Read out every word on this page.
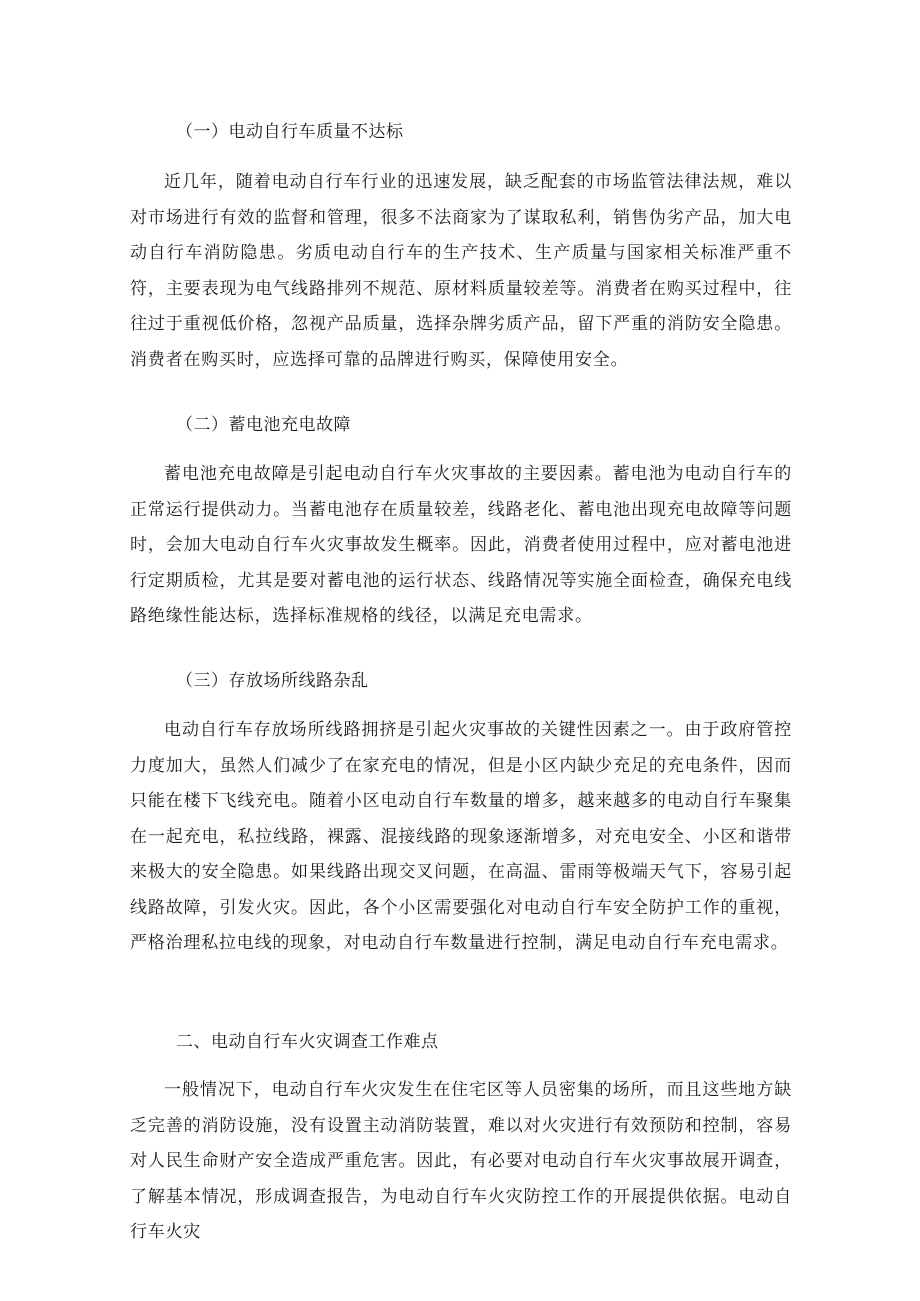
（一）电动自行车质量不达标

近几年，随着电动自行车行业的迅速发展，缺乏配套的市场监管法律法规，难以对市场进行有效的监督和管理，很多不法商家为了谋取私利，销售伪劣产品，加大电动自行车消防隐患。劣质电动自行车的生产技术、生产质量与国家相关标准严重不符，主要表现为电气线路排列不规范、原材料质量较差等。消费者在购买过程中，往往过于重视低价格，忽视产品质量，选择杂牌劣质产品，留下严重的消防安全隐患。消费者在购买时，应选择可靠的品牌进行购买，保障使用安全。

（二）蓄电池充电故障

蓄电池充电故障是引起电动自行车火灾事故的主要因素。蓄电池为电动自行车的正常运行提供动力。当蓄电池存在质量较差，线路老化、蓄电池出现充电故障等问题时，会加大电动自行车火灾事故发生概率。因此，消费者使用过程中，应对蓄电池进行定期质检，尤其是要对蓄电池的运行状态、线路情况等实施全面检查，确保充电线路绝缘性能达标，选择标准规格的线径，以满足充电需求。

（三）存放场所线路杂乱

电动自行车存放场所线路拥挤是引起火灾事故的关键性因素之一。由于政府管控力度加大，虽然人们减少了在家充电的情况，但是小区内缺少充足的充电条件，因而只能在楼下飞线充电。随着小区电动自行车数量的增多，越来越多的电动自行车聚集在一起充电，私拉线路，裸露、混接线路的现象逐渐增多，对充电安全、小区和谐带来极大的安全隐患。如果线路出现交叉问题，在高温、雷雨等极端天气下，容易引起线路故障，引发火灾。因此，各个小区需要强化对电动自行车安全防护工作的重视，严格治理私拉电线的现象，对电动自行车数量进行控制，满足电动自行车充电需求。

二、电动自行车火灾调查工作难点

一般情况下，电动自行车火灾发生在住宅区等人员密集的场所，而且这些地方缺乏完善的消防设施，没有设置主动消防装置，难以对火灾进行有效预防和控制，容易对人民生命财产安全造成严重危害。因此，有必要对电动自行车火灾事故展开调查，了解基本情况，形成调查报告，为电动自行车火灾防控工作的开展提供依据。电动自行车火灾
